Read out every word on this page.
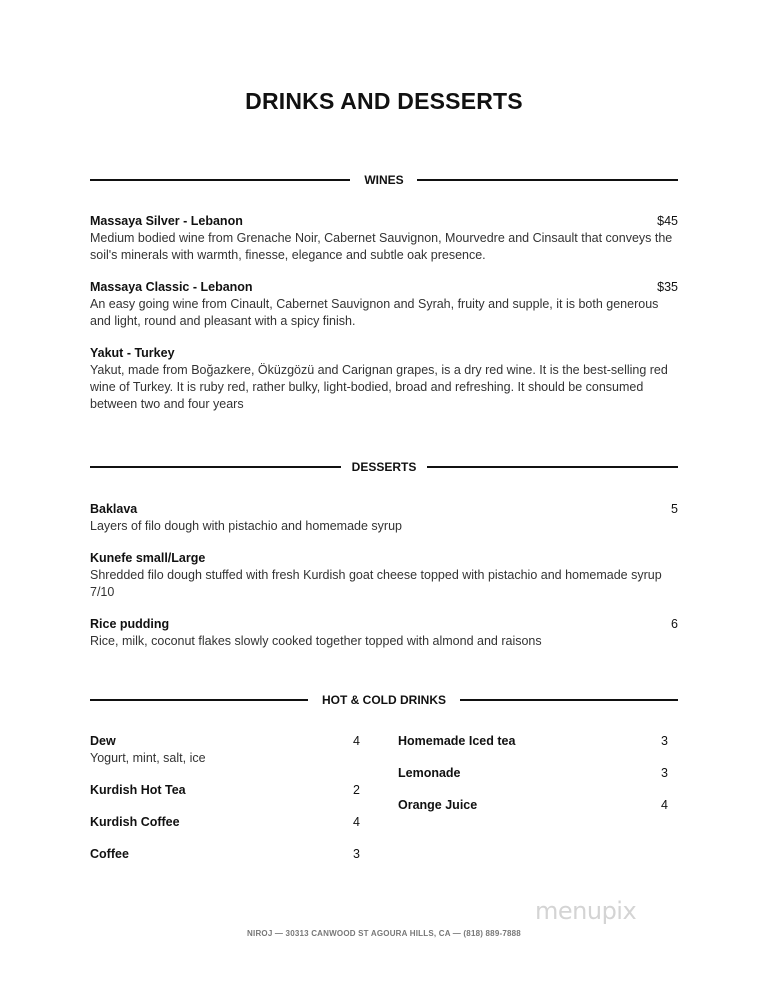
DRINKS AND DESSERTS
WINES
Massaya Silver - Lebanon	$45
Medium bodied wine from Grenache Noir, Cabernet Sauvignon, Mourvedre and Cinsault that conveys the soil's minerals with warmth, finesse, elegance and subtle oak presence.
Massaya Classic - Lebanon	$35
An easy going wine from Cinault, Cabernet Sauvignon and Syrah, fruity and supple, it is both generous and light, round and pleasant with a spicy finish.
Yakut - Turkey
Yakut, made from Boğazkere, Öküzgözü and Carignan grapes, is a dry red wine. It is the best-selling red wine of Turkey. It is ruby red, rather bulky, light-bodied, broad and refreshing. It should be consumed between two and four years
DESSERTS
Baklava	5
Layers of filo dough with pistachio and homemade syrup
Kunefe small/Large
Shredded filo dough stuffed with fresh Kurdish goat cheese topped with pistachio and homemade syrup 7/10
Rice pudding	6
Rice, milk, coconut flakes slowly cooked together topped with almond and raisons
HOT & COLD DRINKS
Dew	4
Yogurt, mint, salt, ice
Kurdish Hot Tea	2
Kurdish Coffee	4
Coffee	3
Homemade Iced tea	3
Lemonade	3
Orange Juice	4
menupix
NIROJ — 30313 CANWOOD ST AGOURA HILLS, CA — (818) 889-7888
